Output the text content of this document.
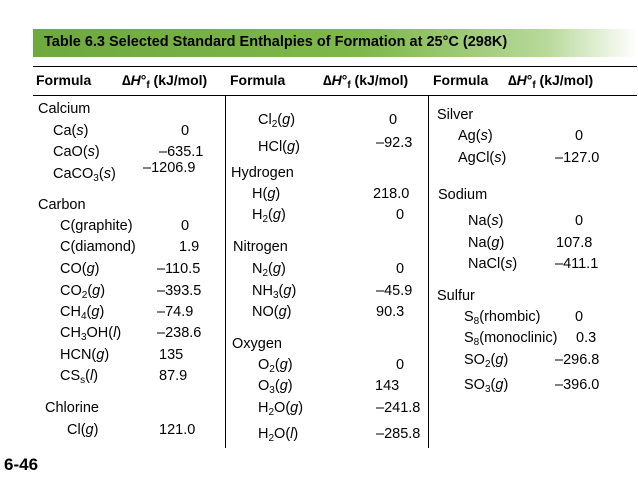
Table 6.3 Selected Standard Enthalpies of Formation at 25°C (298K)
Formula $\Delta H^\circ_f$ (kJ/mol) Formula	$\Delta H^\circ_f$ (kJ/mol) Formula $\Delta H^\circ_f$ (kJ/mol)
Calcium
Ca(s)	0
CaO(s)	–635.1
CaCO$_3$(s) –1206.9
Carbon
C(graphite)	0
C(diamond)	1.9
CO(g)	–110.5
$CO_2(g)$	–393.5
$CH_4(g)$	–74.9
$CH_3OH(l)$ –238.6
HCN(g)	135
$CS_s(l)$	87.9
Chlorine
Cl(g)	121.0
$Cl_2(g)$	0
HCl(g)	–92.3
Hydrogen
H(g)	218.0
$H_2(g)$	0
Nitrogen
$N_2(g)$	0
$NH_3(g)$	–45.9
NO(g)	90.3
Oxygen
$O_2(g)$	0
$O_3(g)$	143
$H_2O(g)$	–241.8
$H_2O(l)$	–285.8
Silver
Ag(s)	0
AgCl(s)	–127.0
Sodium
Na(s)	0
Na(g)	107.8
NaCl(s)	–411.1
Sulfur
$S_8(rhombic)$ 0
$S_8(monoclinic)$ 0.3
$SO_2(g)$	–296.8
$SO_3(g)$	–396.0
6-46
